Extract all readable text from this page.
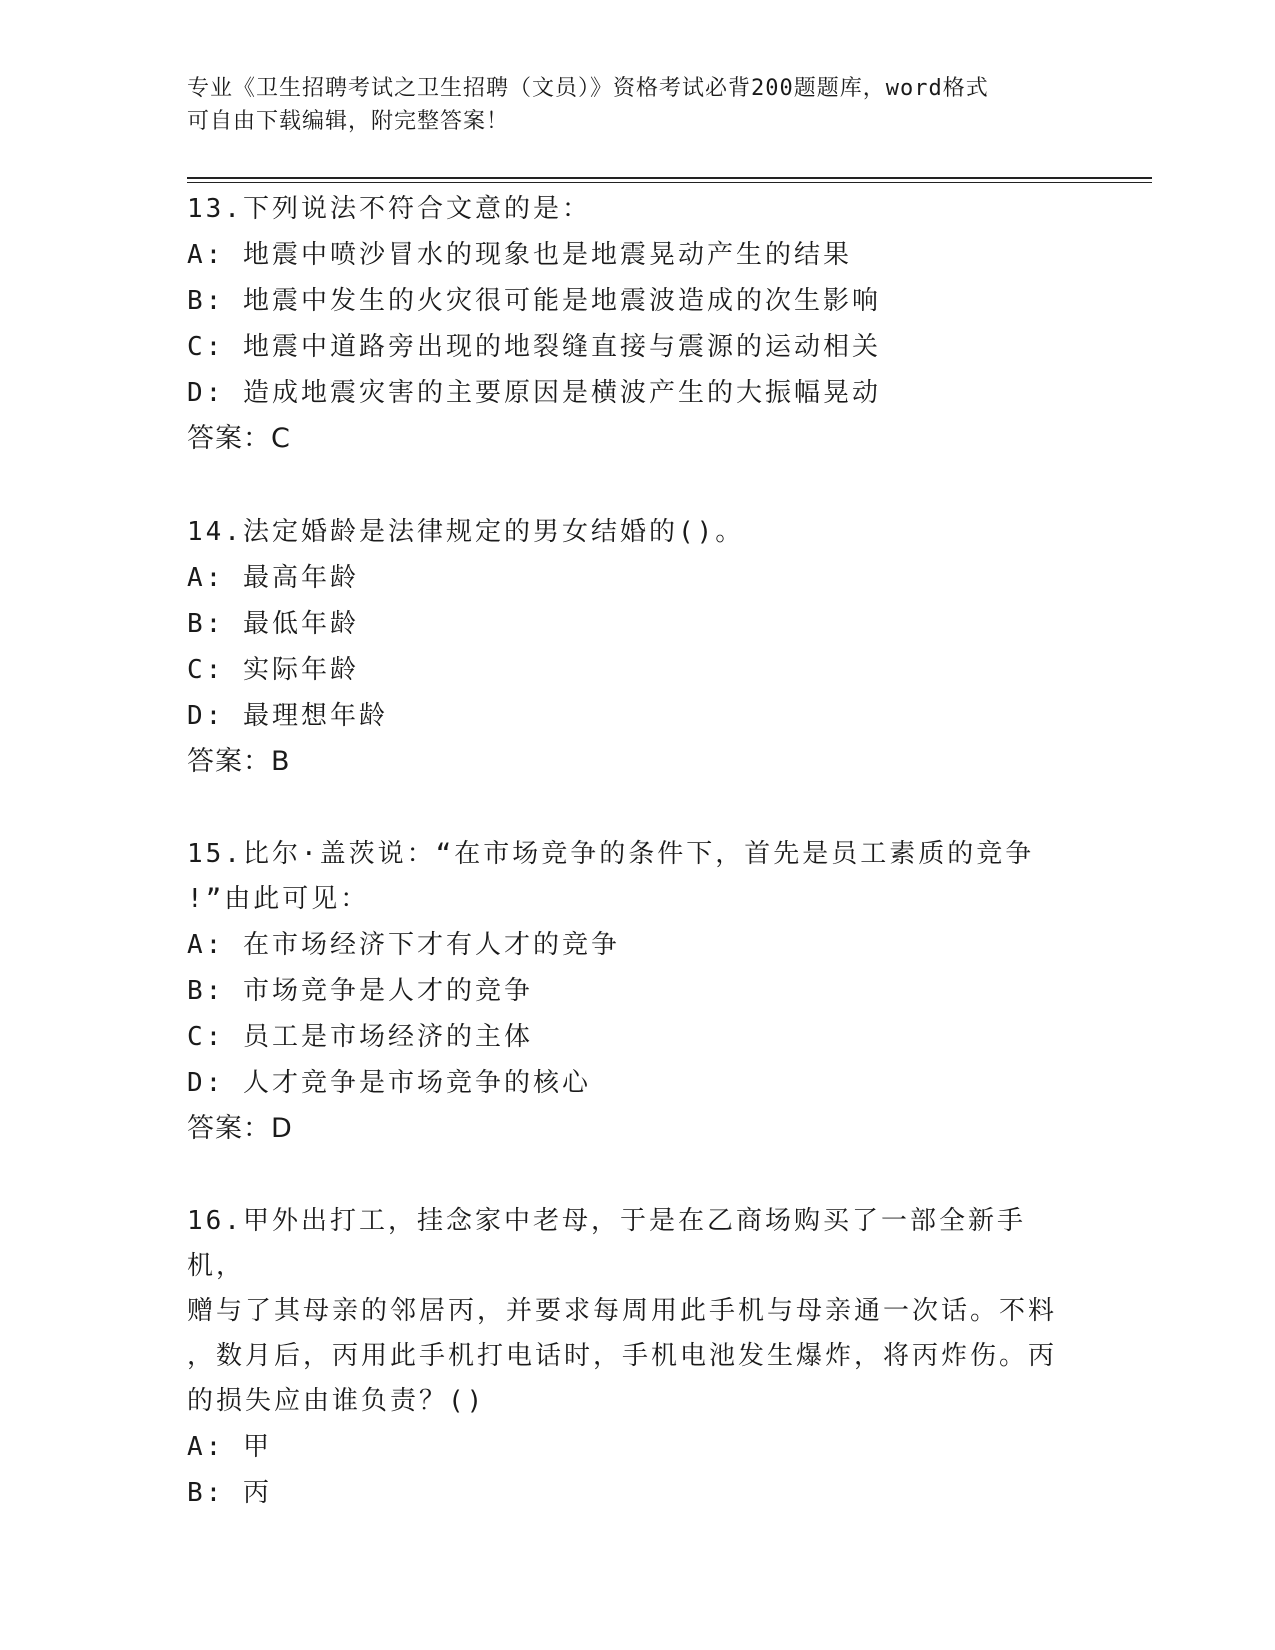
专业《卫生招聘考试之卫生招聘（文员）》资格考试必背200题题库，word格式
可自由下载编辑，附完整答案！
13.下列说法不符合文意的是：
A: 地震中喷沙冒水的现象也是地震晃动产生的结果
B: 地震中发生的火灾很可能是地震波造成的次生影响
C: 地震中道路旁出现的地裂缝直接与震源的运动相关
D: 造成地震灾害的主要原因是横波产生的大振幅晃动
答案：C
14.法定婚龄是法律规定的男女结婚的()。
A: 最高年龄
B: 最低年龄
C: 实际年龄
D: 最理想年龄
答案：B
15.比尔·盖茨说：“在市场竞争的条件下，首先是员工素质的竞争
!”由此可见：
A: 在市场经济下才有人才的竞争
B: 市场竞争是人才的竞争
C: 员工是市场经济的主体
D: 人才竞争是市场竞争的核心
答案：D
16.甲外出打工，挂念家中老母，于是在乙商场购买了一部全新手机，
赠与了其母亲的邻居丙，并要求每周用此手机与母亲通一次话。不料
，数月后，丙用此手机打电话时，手机电池发生爆炸，将丙炸伤。丙
的损失应由谁负责？()
A: 甲
B: 丙
